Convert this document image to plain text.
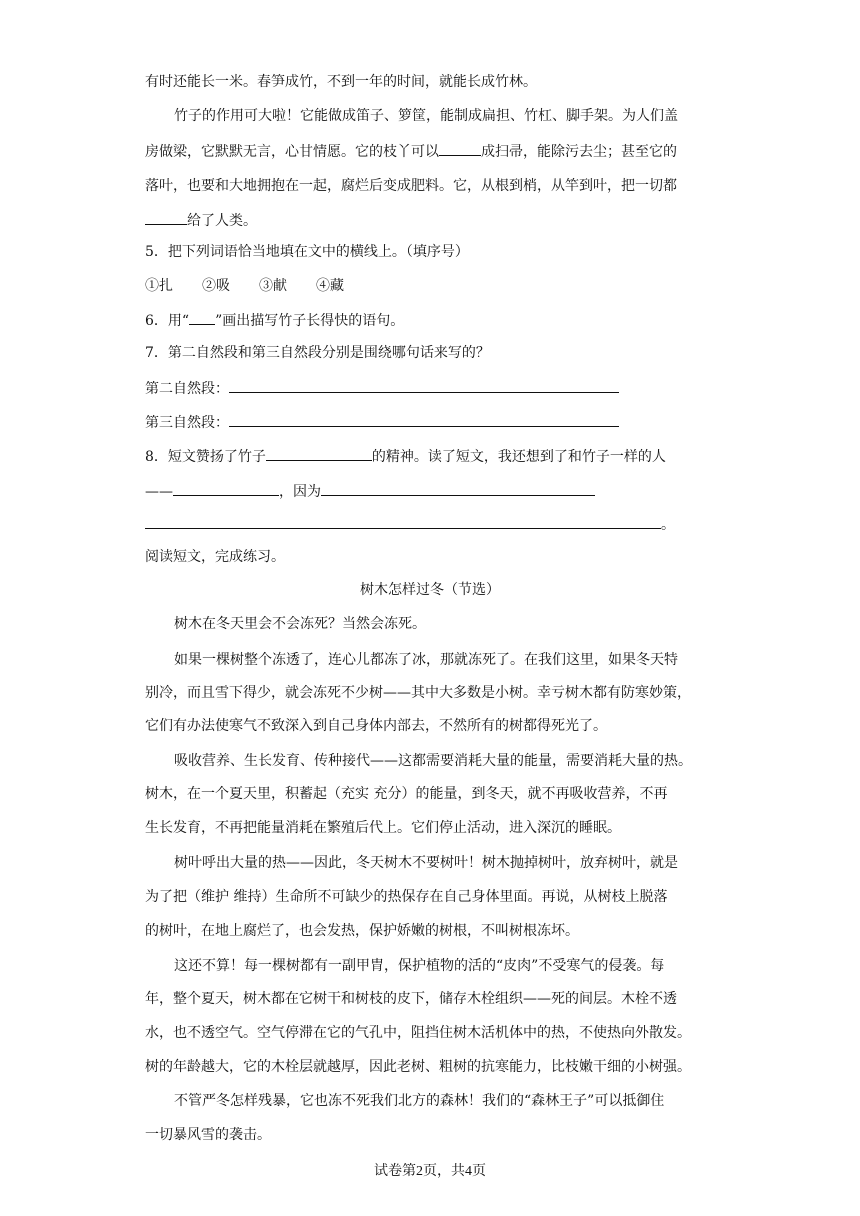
有时还能长一米。春笋成竹，不到一年的时间，就能长成竹林。
竹子的作用可大啦！它能做成笛子、箩筐，能制成扁担、竹杠、脚手架。为人们盖
房做梁，它默默无言，心甘情愿。它的枝丫可以	成扫帚，能除污去尘；甚至它的
落叶，也要和大地拥抱在一起，腐烂后变成肥料。它，从根到梢，从竿到叶，把一切都
给了人类。
5．把下列词语恰当地填在文中的横线上。（填序号）
①扎 ②吸 ③献 ④藏
6．用“ ”画出描写竹子长得快的语句。
7．第二自然段和第三自然段分别是围绕哪句话来写的？
第二自然段：
第三自然段：
8．短文赞扬了竹子	的精神。读了短文，我还想到了和竹子一样的人
——	，因为
。
阅读短文，完成练习。
树木怎样过冬（节选）
树木在冬天里会不会冻死？当然会冻死。
如果一棵树整个冻透了，连心儿都冻了冰，那就冻死了。在我们这里，如果冬天特
别冷，而且雪下得少，就会冻死不少树——其中大多数是小树。幸亏树木都有防寒妙策，
它们有办法使寒气不致深入到自己身体内部去，不然所有的树都得死光了。
吸收营养、生长发育、传种接代——这都需要消耗大量的能量，需要消耗大量的热。
树木，在一个夏天里，积蓄起（充实 充分）的能量，到冬天，就不再吸收营养，不再
生长发育，不再把能量消耗在繁殖后代上。它们停止活动，进入深沉的睡眠。
树叶呼出大量的热——因此，冬天树木不要树叶！树木抛掉树叶，放弃树叶，就是
为了把（维护 维持）生命所不可缺少的热保存在自己身体里面。再说，从树枝上脱落
的树叶，在地上腐烂了，也会发热，保护娇嫩的树根，不叫树根冻坏。
这还不算！每一棵树都有一副甲胄，保护植物的活的“皮肉”不受寒气的侵袭。每
年，整个夏天，树木都在它树干和树枝的皮下，储存木栓组织——死的间层。木栓不透
水，也不透空气。空气停滞在它的气孔中，阻挡住树木活机体中的热，不使热向外散发。
树的年龄越大，它的木栓层就越厚，因此老树、粗树的抗寒能力，比枝嫩干细的小树强。
不管严冬怎样残暴，它也冻不死我们北方的森林！我们的“森林王子”可以抵御住
一切暴风雪的袭击。
试卷第2页，共4页
